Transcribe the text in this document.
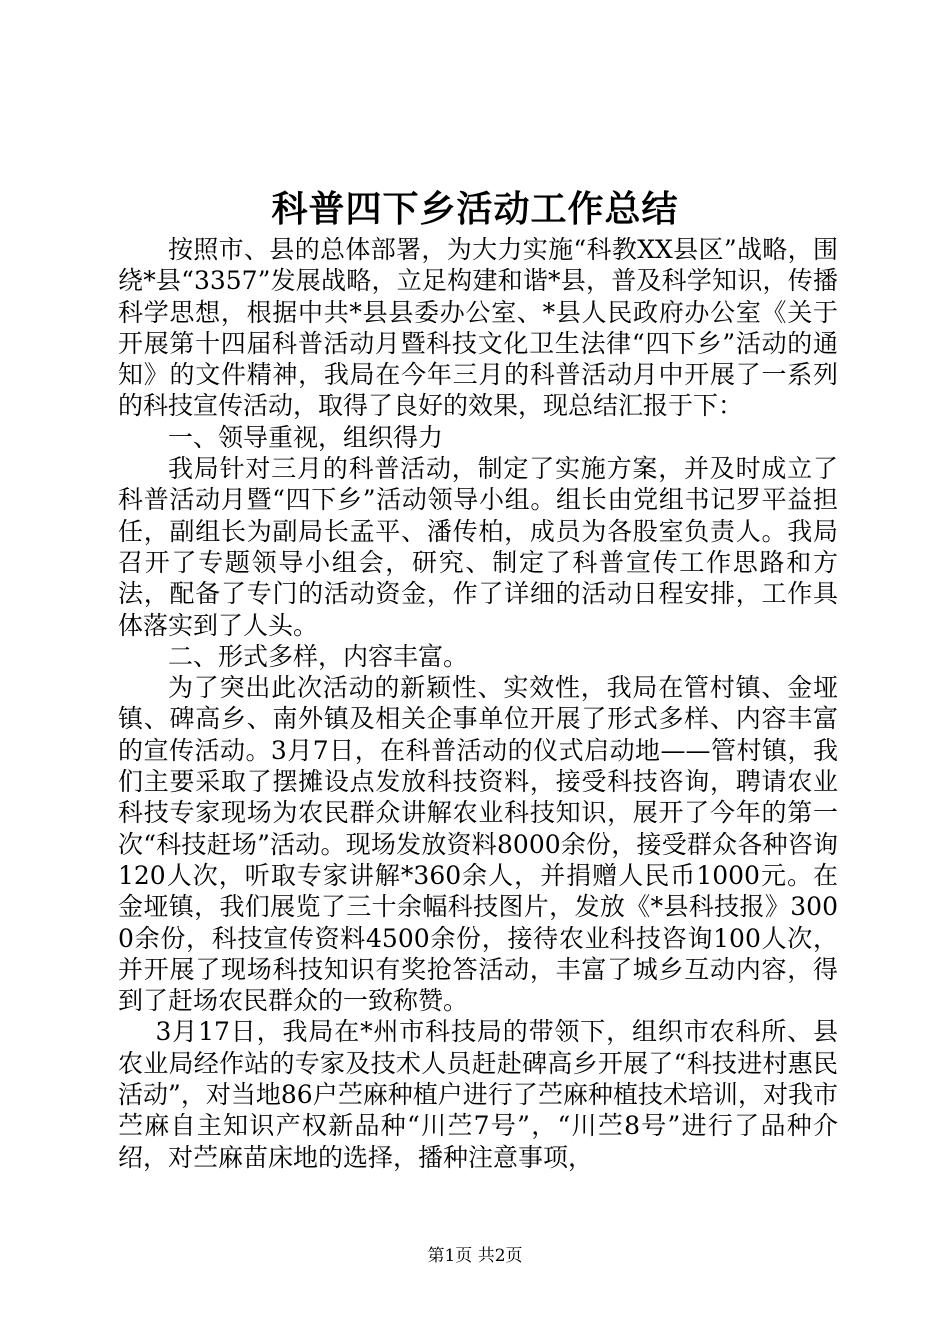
科普四下乡活动工作总结

按照市、县的总体部署，为大力实施“科教XX县区”战略，围绕*县“3357”发展战略，立足构建和谐*县，普及科学知识，传播科学思想，根据中共*县县委办公室、*县人民政府办公室《关于开展第十四届科普活动月暨科技文化卫生法律“四下乡”活动的通知》的文件精神，我局在今年三月的科普活动月中开展了一系列的科技宣传活动，取得了良好的效果，现总结汇报于下：

一、领导重视，组织得力

我局针对三月的科普活动，制定了实施方案，并及时成立了科普活动月暨“四下乡”活动领导小组。组长由党组书记罗平益担任，副组长为副局长孟平、潘传柏，成员为各股室负责人。我局召开了专题领导小组会，研究、制定了科普宣传工作思路和方法，配备了专门的活动资金，作了详细的活动日程安排，工作具体落实到了人头。

二、形式多样，内容丰富。

为了突出此次活动的新颖性、实效性，我局在管村镇、金垭镇、碑高乡、南外镇及相关企事单位开展了形式多样、内容丰富的宣传活动。3月7日，在科普活动的仪式启动地——管村镇，我们主要采取了摆摊设点发放科技资料，接受科技咨询，聘请农业科技专家现场为农民群众讲解农业科技知识，展开了今年的第一次“科技赶场”活动。现场发放资料8000余份，接受群众各种咨询120人次，听取专家讲解*360余人，并捐赠人民币1000元。在金垭镇，我们展览了三十余幅科技图片，发放《*县科技报》3000余份，科技宣传资料4500余份，接待农业科技咨询100人次，并开展了现场科技知识有奖抢答活动，丰富了城乡互动内容，得到了赶场农民群众的一致称赞。

3月17日，我局在*州市科技局的带领下，组织市农科所、县农业局经作站的专家及技术人员赶赴碑高乡开展了“科技进村惠民活动”，对当地86户苎麻种植户进行了苎麻种植技术培训，对我市苎麻自主知识产权新品种“川苎7号”，“川苎8号”进行了品种介绍，对苎麻苗床地的选择，播种注意事项，

第1页 共2页
